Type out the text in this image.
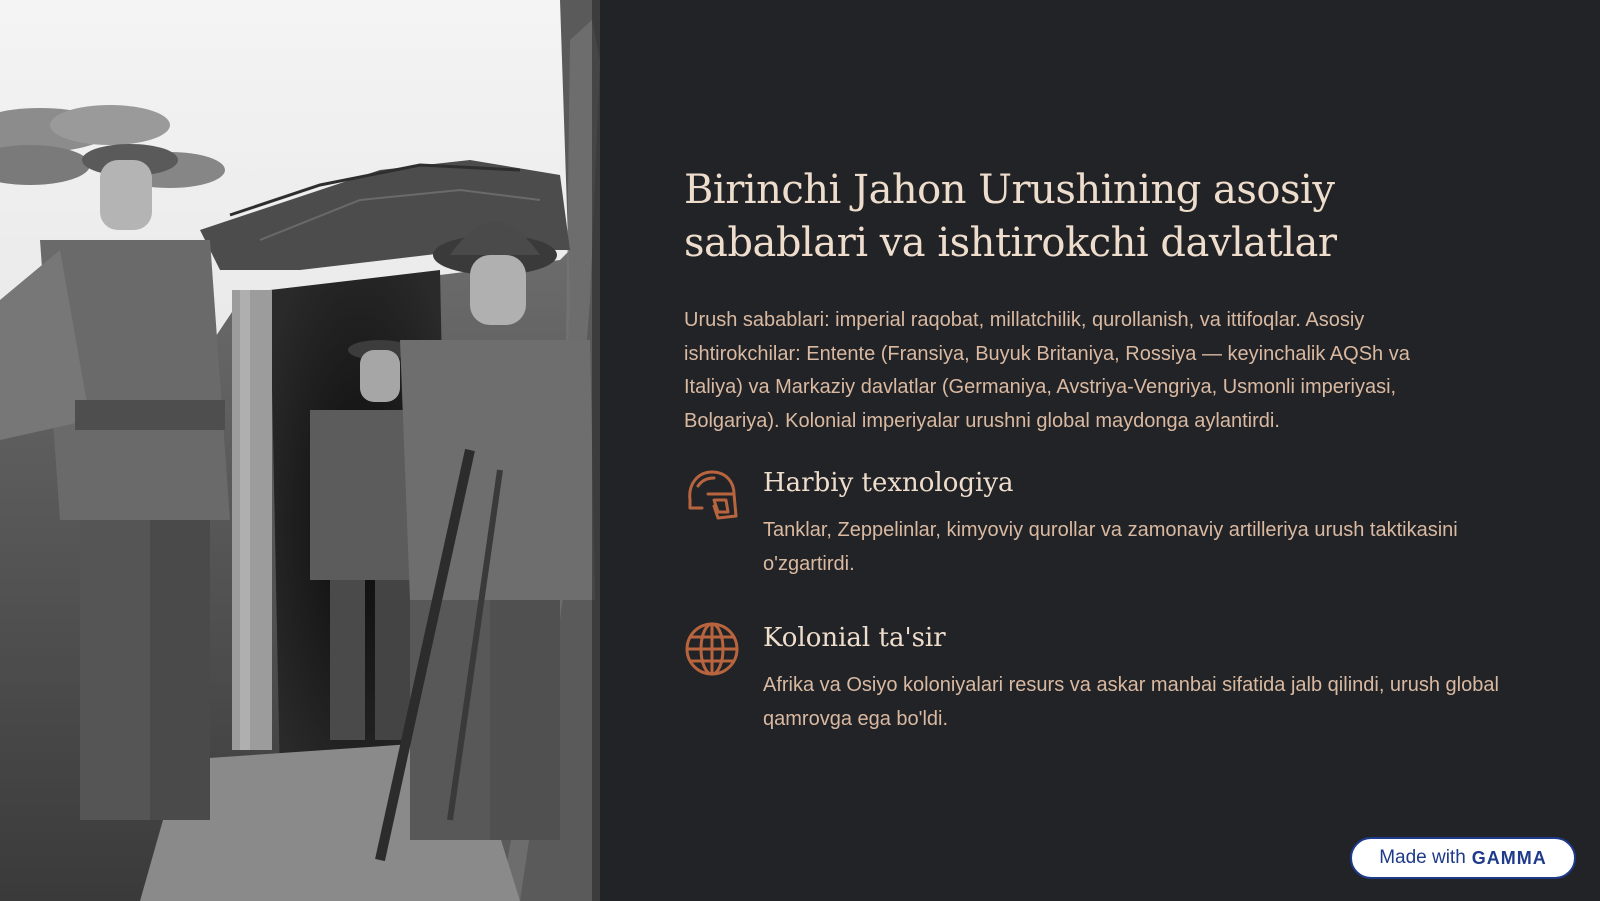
Birinchi Jahon Urushining asosiy
sabablari va ishtirokchi davlatlar

Urush sabablari: imperial raqobat, millatchilik, qurollanish, va ittifoqlar. Asosiy ishtirokchilar: Entente (Fransiya, Buyuk Britaniya, Rossiya — keyinchalik AQSh va Italiya) va Markaziy davlatlar (Germaniya, Avstriya-Vengriya, Usmonli imperiyasi, Bolgariya). Kolonial imperiyalar urushni global maydonga aylantirdi.

Harbiy texnologiya

Tanklar, Zeppelinlar, kimyoviy qurollar va zamonaviy artilleriya urush taktikasini o'zgartirdi.

Kolonial ta'sir

Afrika va Osiyo koloniyalari resurs va askar manbai sifatida jalb qilindi, urush global qamrovga ega bo'ldi.

Made with GAMMA
